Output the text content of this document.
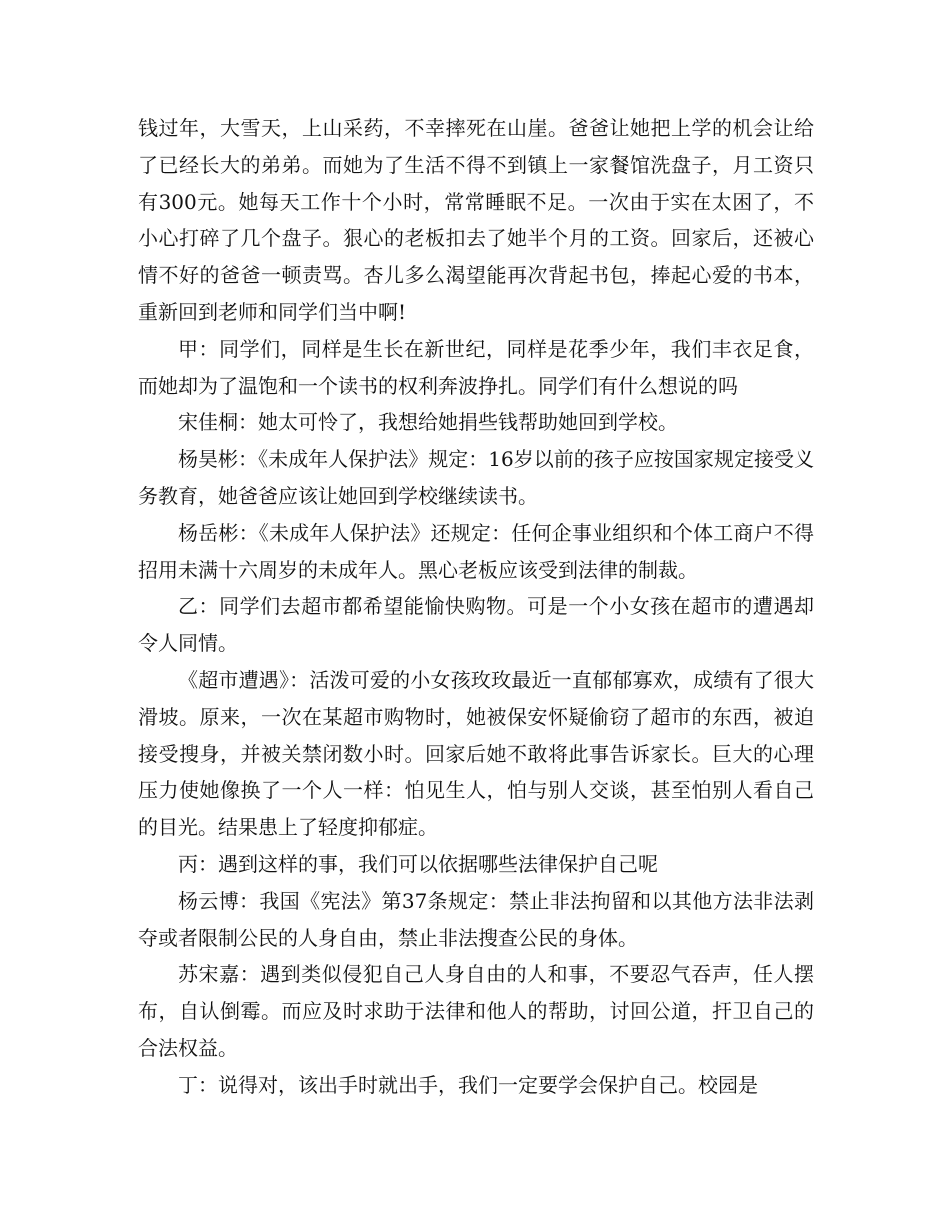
钱过年，大雪天，上山采药，不幸摔死在山崖。爸爸让她把上学的机会让给了已经长大的弟弟。而她为了生活不得不到镇上一家餐馆洗盘子，月工资只有300元。她每天工作十个小时，常常睡眠不足。一次由于实在太困了，不小心打碎了几个盘子。狠心的老板扣去了她半个月的工资。回家后，还被心情不好的爸爸一顿责骂。杏儿多么渴望能再次背起书包，捧起心爱的书本，重新回到老师和同学们当中啊!

甲：同学们，同样是生长在新世纪，同样是花季少年，我们丰衣足食，而她却为了温饱和一个读书的权利奔波挣扎。同学们有什么想说的吗

宋佳桐：她太可怜了，我想给她捐些钱帮助她回到学校。

杨昊彬：《未成年人保护法》规定：16岁以前的孩子应按国家规定接受义务教育，她爸爸应该让她回到学校继续读书。

杨岳彬：《未成年人保护法》还规定：任何企事业组织和个体工商户不得招用未满十六周岁的未成年人。黑心老板应该受到法律的制裁。

乙：同学们去超市都希望能愉快购物。可是一个小女孩在超市的遭遇却令人同情。

《超市遭遇》：活泼可爱的小女孩玫玫最近一直郁郁寡欢，成绩有了很大滑坡。原来，一次在某超市购物时，她被保安怀疑偷窃了超市的东西，被迫接受搜身，并被关禁闭数小时。回家后她不敢将此事告诉家长。巨大的心理压力使她像换了一个人一样：怕见生人，怕与别人交谈，甚至怕别人看自己的目光。结果患上了轻度抑郁症。

丙：遇到这样的事，我们可以依据哪些法律保护自己呢

杨云博：我国《宪法》第37条规定：禁止非法拘留和以其他方法非法剥夺或者限制公民的人身自由，禁止非法搜查公民的身体。

苏宋嘉：遇到类似侵犯自己人身自由的人和事，不要忍气吞声，任人摆布，自认倒霉。而应及时求助于法律和他人的帮助，讨回公道，扞卫自己的合法权益。

丁：说得对，该出手时就出手，我们一定要学会保护自己。校园是
